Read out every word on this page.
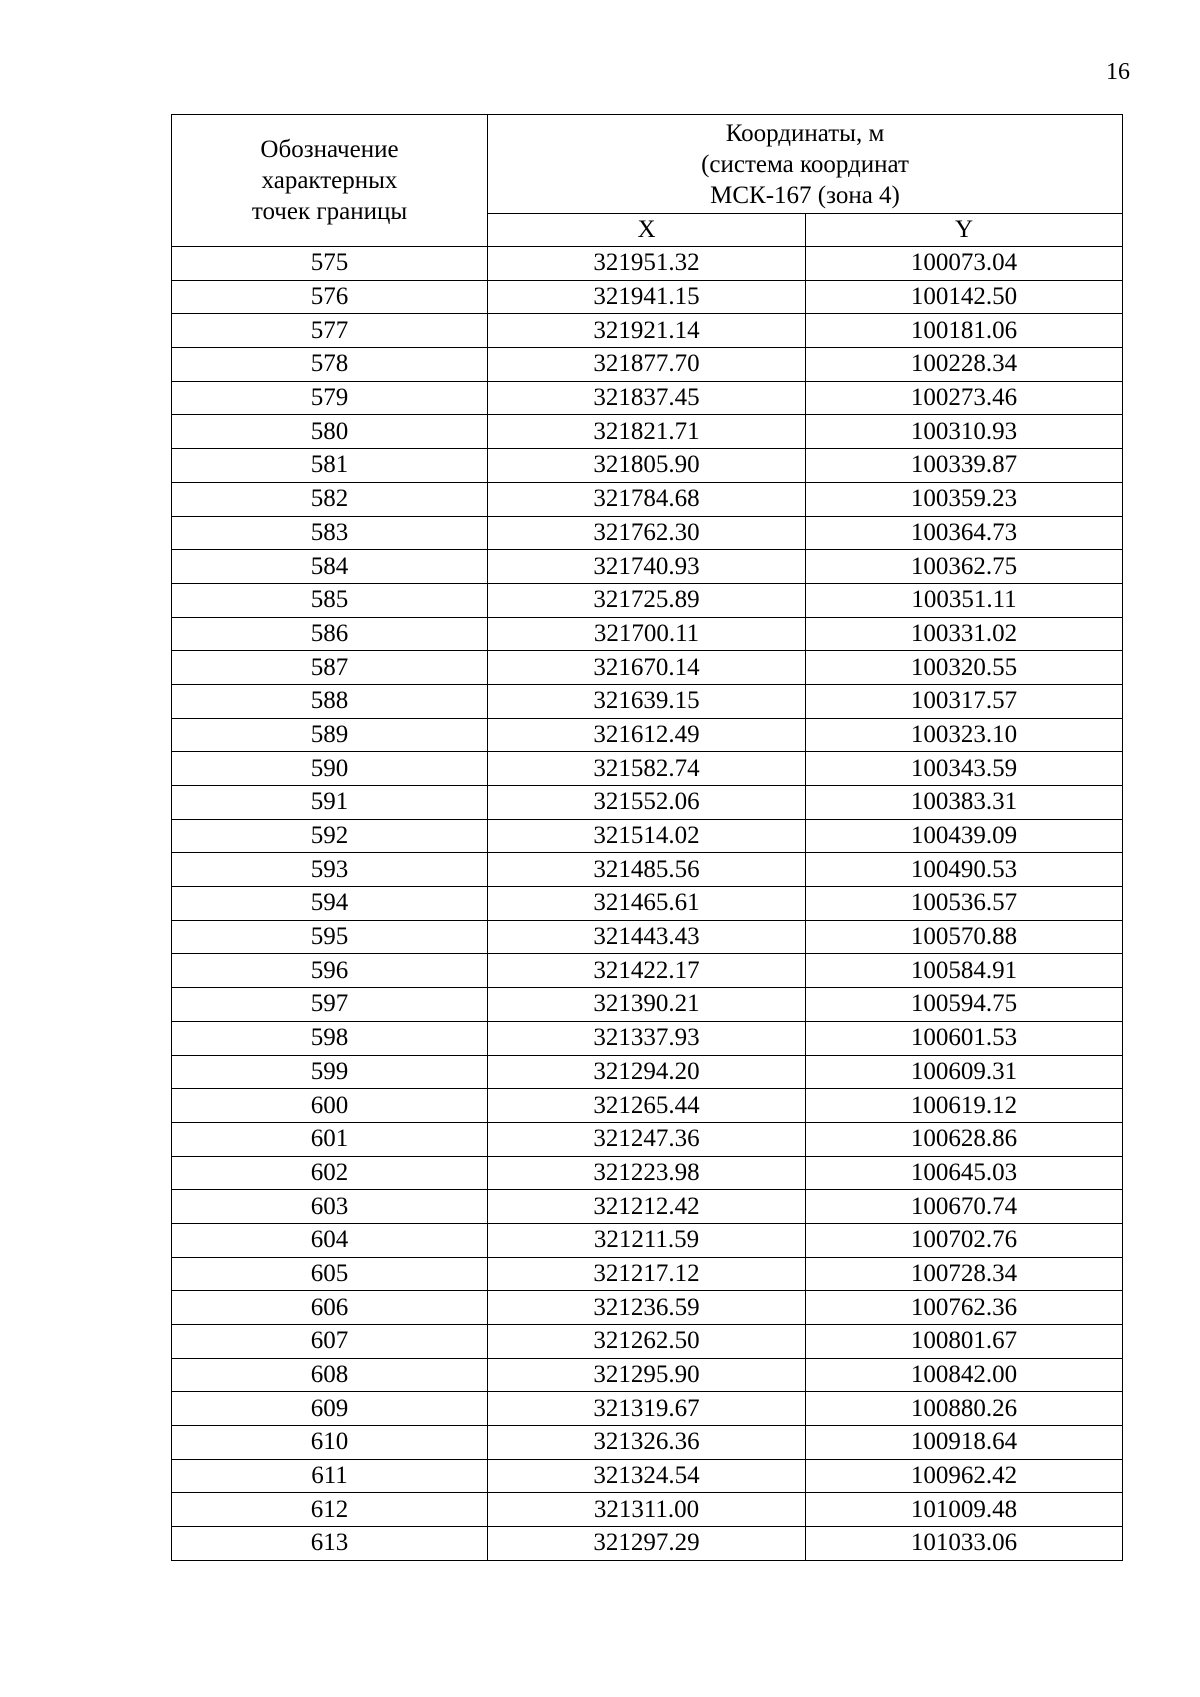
16
Обозначение
характерных
точек границы	Координаты, м
(система координат
МСК-167 (зона 4)	

	X	Y
575	321951.32	100073.04
576	321941.15	100142.50
577	321921.14	100181.06
578	321877.70	100228.34
579	321837.45	100273.46
580	321821.71	100310.93
581	321805.90	100339.87
582	321784.68	100359.23
583	321762.30	100364.73
584	321740.93	100362.75
585	321725.89	100351.11
586	321700.11	100331.02
587	321670.14	100320.55
588	321639.15	100317.57
589	321612.49	100323.10
590	321582.74	100343.59
591	321552.06	100383.31
592	321514.02	100439.09
593	321485.56	100490.53
594	321465.61	100536.57
595	321443.43	100570.88
596	321422.17	100584.91
597	321390.21	100594.75
598	321337.93	100601.53
599	321294.20	100609.31
600	321265.44	100619.12
601	321247.36	100628.86
602	321223.98	100645.03
603	321212.42	100670.74
604	321211.59	100702.76
605	321217.12	100728.34
606	321236.59	100762.36
607	321262.50	100801.67
608	321295.90	100842.00
609	321319.67	100880.26
610	321326.36	100918.64
611	321324.54	100962.42
612	321311.00	101009.48
613	321297.29	101033.06
